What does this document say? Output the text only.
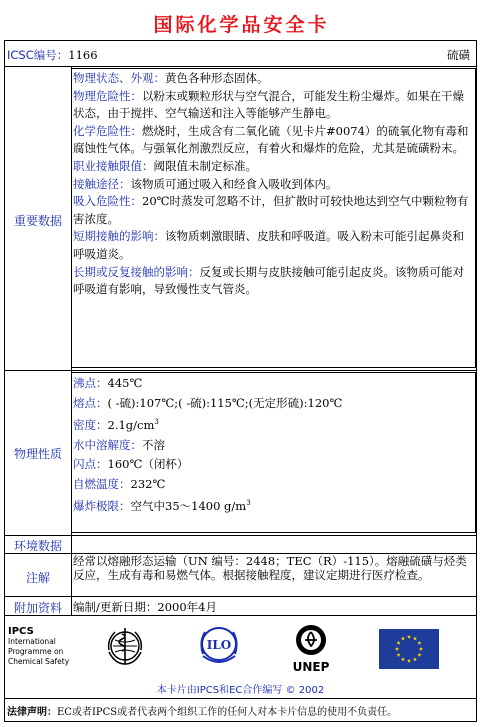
国际化学品安全卡
ICSC编号：1166	硫磺
重要数据

物理状态、外观：黄色各种形态固体。

物理危险性：以粉末或颗粒形状与空气混合，可能发生粉尘爆炸。如果在干燥状态，由于搅拌、空气输送和注入等能够产生静电。

化学危险性：燃烧时，生成含有二氧化硫（见卡片#0074）的硫氧化物有毒和腐蚀性气体。与强氧化剂激烈反应，有着火和爆炸的危险，尤其是硫磺粉末。

职业接触限值：阈限值未制定标准。

接触途径：该物质可通过吸入和经食入吸收到体内。

吸入危险性：20℃时蒸发可忽略不计，但扩散时可较快地达到空气中颗粒物有害浓度。

短期接触的影响：该物质刺激眼睛、皮肤和呼吸道。吸入粉末可能引起鼻炎和呼吸道炎。

长期或反复接触的影响：反复或长期与皮肤接触可能引起皮炎。该物质可能对呼吸道有影响，导致慢性支气管炎。

物理性质

沸点：445℃

熔点：( -硫):107℃;( -硫):115℃;(无定形硫):120℃

密度：$2.1g/cm^3$

水中溶解度：不溶

闪点：160℃（闭杯）

自燃温度：232℃

爆炸极限：空气中35～1400 $g/m^3$

环境数据
注解
经常以熔融形态运输（UN 编号：2448；TEC（R）-115）。熔融硫磺与烃类反应，生成有毒和易燃气体。根据接触程度，建议定期进行医疗检查。
附加资料 编制/更新日期：2000年4月
IPCS
International
Programme on
Chemical Safety
ILO
UNEP
本卡片由IPCS和EC合作编写 © 2002
法律声明：EC或者IPCS或者代表两个组织工作的任何人对本卡片信息的使用不负责任。
